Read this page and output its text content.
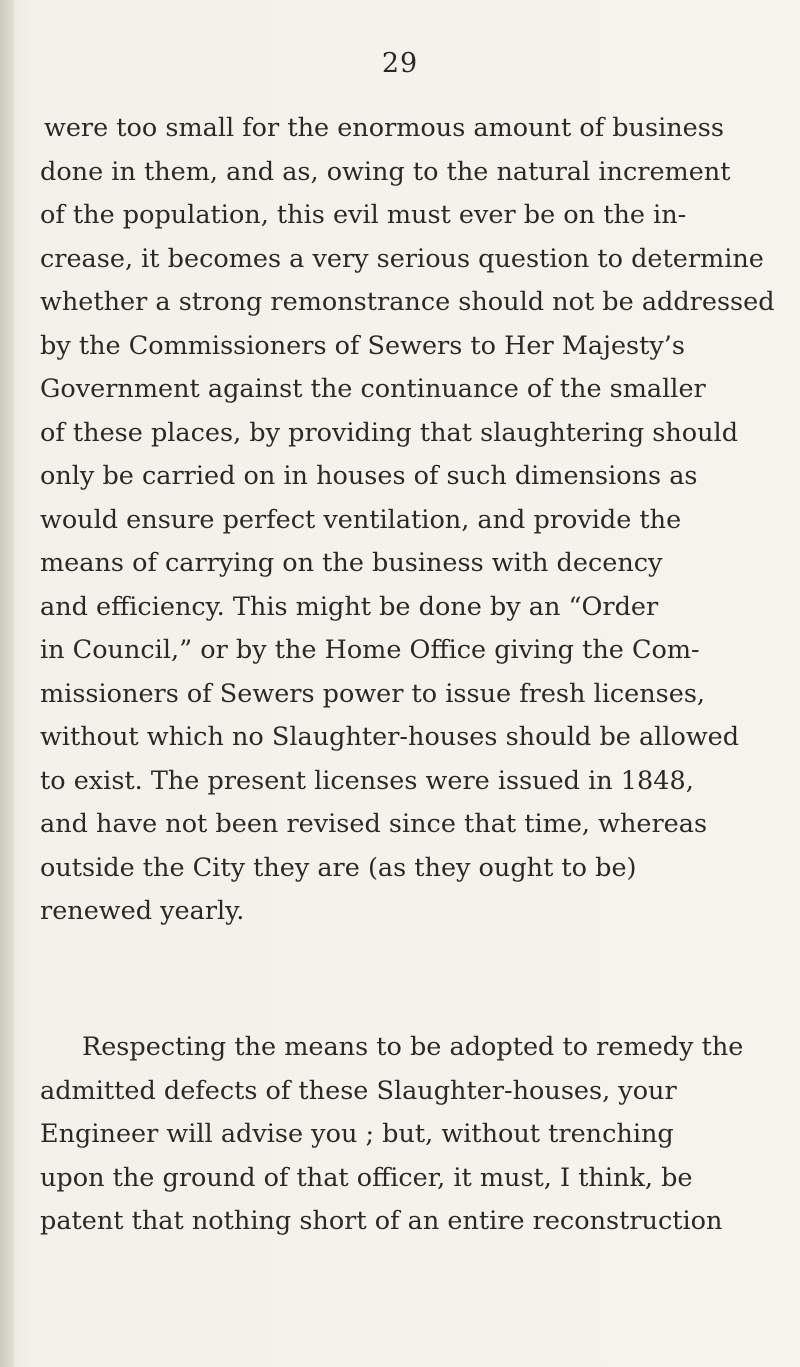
29
were too small for the enormous amount of business
done in them, and as, owing to the natural increment
of the population, this evil must ever be on the in-
crease, it becomes a very serious question to determine
whether a strong remonstrance should not be addressed
by the Commissioners of Sewers to Her Majesty’s
Government against the continuance of the smaller
of these places, by providing that slaughtering should
only be carried on in houses of such dimensions as
would ensure perfect ventilation, and provide the
means of carrying on the business with decency
and efficiency. This might be done by an “Order
in Council,” or by the Home Office giving the Com-
missioners of Sewers power to issue fresh licenses,
without which no Slaughter-houses should be allowed
to exist. The present licenses were issued in 1848,
and have not been revised since that time, whereas
outside the City they are (as they ought to be)
renewed yearly.
Respecting the means to be adopted to remedy the
admitted defects of these Slaughter-houses, your
Engineer will advise you ; but, without trenching
upon the ground of that officer, it must, I think, be
patent that nothing short of an entire reconstruction
